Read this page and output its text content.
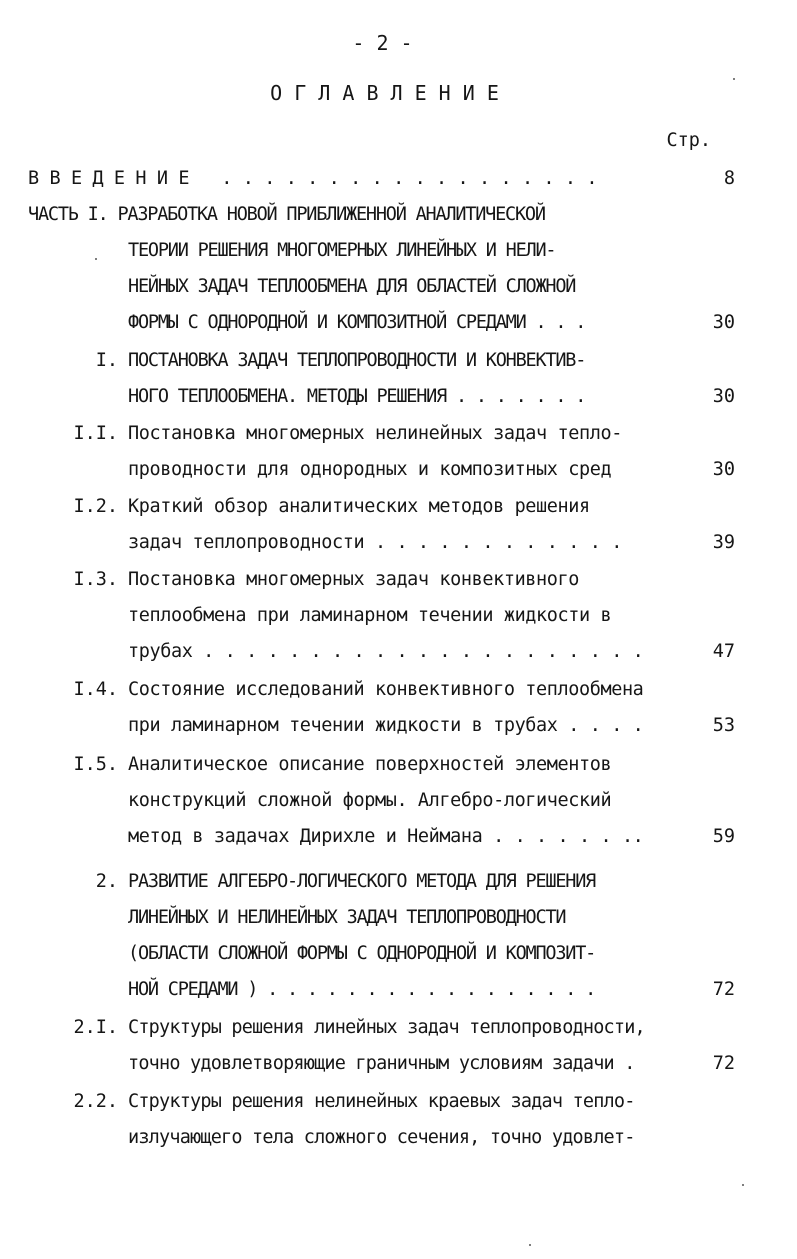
- 2 -
О Г Л А В Л Е Н И Е
Стр.
В В Е Д Е Н И Е   . . . . . . . . . . . . . . . . . .	8
ЧАСТЬ I. РАЗРАБОТКА НОВОЙ ПРИБЛИЖЕННОЙ АНАЛИТИЧЕСКОЙ
ТЕОРИИ РЕШЕНИЯ МНОГОМЕРНЫХ ЛИНЕЙНЫХ И НЕЛИ-
НЕЙНЫХ ЗАДАЧ ТЕПЛООБМЕНА ДЛЯ ОБЛАСТЕЙ СЛОЖНОЙ
ФОРМЫ С ОДНОРОДНОЙ И КОМПОЗИТНОЙ СРЕДАМИ . . .	30
I. ПОСТАНОВКА ЗАДАЧ ТЕПЛОПРОВОДНОСТИ И КОНВЕКТИВ-
НОГО ТЕПЛООБМЕНА. МЕТОДЫ РЕШЕНИЯ . . . . . . .	30
I.I. Постановка многомерных нелинейных задач тепло-
проводности для однородных и композитных сред	30
I.2. Краткий обзор аналитических методов решения
задач теплопроводности . . . . . . . . . . . .	39
I.3. Постановка многомерных задач конвективного
теплообмена при ламинарном течении жидкости в
трубах . . . . . . . . . . . . . . . . . . . . .	47
I.4. Состояние исследований конвективного теплообмена
при ламинарном течении жидкости в трубах . . . .	53
I.5. Аналитическое описание поверхностей элементов
конструкций сложной формы. Алгебро-логический
метод в задачах Дирихле и Неймана . . . . . . ..	59
2. РАЗВИТИЕ АЛГЕБРО-ЛОГИЧЕСКОГО МЕТОДА ДЛЯ РЕШЕНИЯ
ЛИНЕЙНЫХ И НЕЛИНЕЙНЫХ ЗАДАЧ ТЕПЛОПРОВОДНОСТИ
(ОБЛАСТИ СЛОЖНОЙ ФОРМЫ С ОДНОРОДНОЙ И КОМПОЗИТ-
НОЙ СРЕДАМИ ) . . . . . . . . . . . . . . . . .	72
2.I. Структуры решения линейных задач теплопроводности,
точно удовлетворяющие граничным условиям задачи .	72
2.2. Структуры решения нелинейных краевых задач тепло-
излучающего тела сложного сечения, точно удовлет-
